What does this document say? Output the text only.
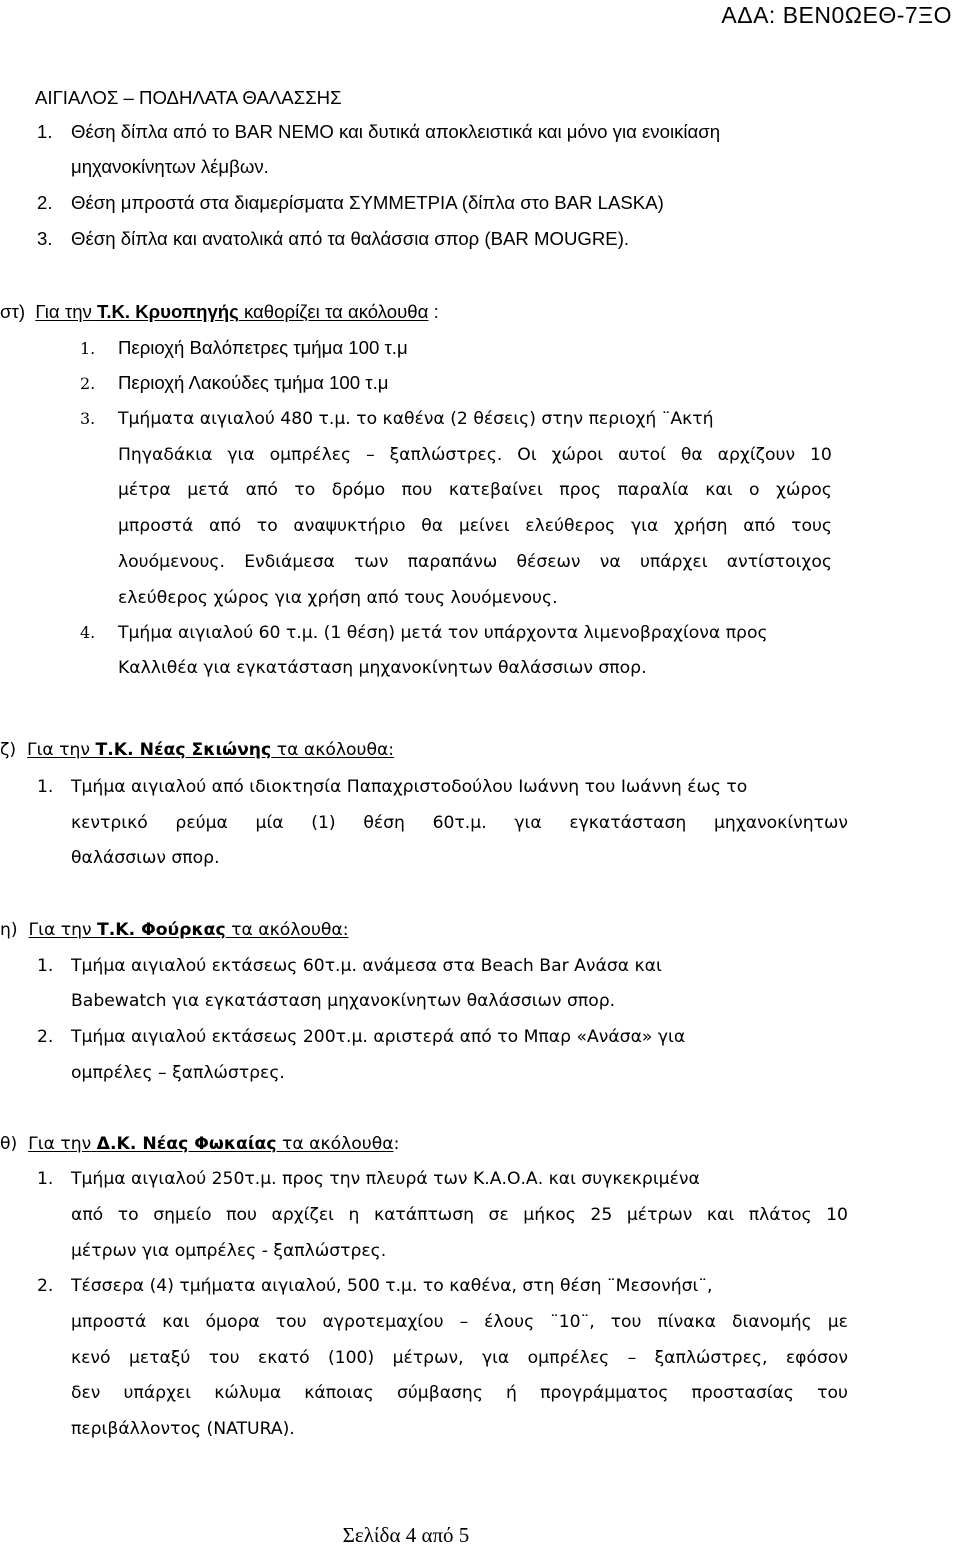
ΑΔΑ: ΒΕΝ0ΩΕΘ-7ΞΟ
ΑΙΓΙΑΛΟΣ – ΠΟΔΗΛΑΤΑ ΘΑΛΑΣΣΗΣ
1. Θέση δίπλα από το BAR NEMO και δυτικά αποκλειστικά και μόνο για ενοικίαση
μηχανοκίνητων λέμβων.
2. Θέση μπροστά στα διαμερίσματα ΣΥΜΜΕΤΡΙΑ (δίπλα στο BAR LASKA)
3. Θέση δίπλα και ανατολικά από τα θαλάσσια σπορ (BAR MOUGRE).
στ) Για την Τ.Κ. Κρυοπηγής καθορίζει τα ακόλουθα :
1. Περιοχή Βαλόπετρες τμήμα 100 τ.μ
2. Περιοχή Λακούδες τμήμα 100 τ.μ
3. Τμήματα αιγιαλού 480 τ.μ. το καθένα (2 θέσεις) στην περιοχή ¨Ακτή
Πηγαδάκια για ομπρέλες – ξαπλώστρες. Οι χώροι αυτοί θα αρχίζουν 10
μέτρα μετά από το δρόμο που κατεβαίνει προς παραλία και ο χώρος
μπροστά από το αναψυκτήριο θα μείνει ελεύθερος για χρήση από τους
λουόμενους. Ενδιάμεσα των παραπάνω θέσεων να υπάρχει αντίστοιχος
ελεύθερος χώρος για χρήση από τους λουόμενους.
4. Τμήμα αιγιαλού 60 τ.μ. (1 θέση) μετά τον υπάρχοντα λιμενοβραχίονα προς
Καλλιθέα για εγκατάσταση μηχανοκίνητων θαλάσσιων σπορ.
ζ) Για την Τ.Κ. Νέας Σκιώνης τα ακόλουθα:
1. Τμήμα αιγιαλού από ιδιοκτησία Παπαχριστοδούλου Ιωάννη του Ιωάννη έως το
κεντρικό ρεύμα μία (1) θέση 60τ.μ. για εγκατάσταση μηχανοκίνητων
θαλάσσιων σπορ.
η) Για την Τ.Κ. Φούρκας τα ακόλουθα:
1. Τμήμα αιγιαλού εκτάσεως 60τ.μ. ανάμεσα στα Beach Bar Ανάσα και
Babewatch για εγκατάσταση μηχανοκίνητων θαλάσσιων σπορ.
2. Τμήμα αιγιαλού εκτάσεως 200τ.μ. αριστερά από το Μπαρ «Ανάσα» για
ομπρέλες – ξαπλώστρες.
θ) Για την Δ.Κ. Νέας Φωκαίας τα ακόλουθα:
1. Τμήμα αιγιαλού 250τ.μ. προς την πλευρά των Κ.Α.Ο.Α. και συγκεκριμένα
από το σημείο που αρχίζει η κατάπτωση σε μήκος 25 μέτρων και πλάτος 10
μέτρων για ομπρέλες - ξαπλώστρες.
2. Τέσσερα (4) τμήματα αιγιαλού, 500 τ.μ. το καθένα, στη θέση ¨Μεσονήσι¨,
μπροστά και όμορα του αγροτεμαχίου – έλους ¨10¨, του πίνακα διανομής με
κενό μεταξύ του εκατό (100) μέτρων, για ομπρέλες – ξαπλώστρες, εφόσον
δεν υπάρχει κώλυμα κάποιας σύμβασης ή προγράμματος προστασίας του
περιβάλλοντος (NATURA).
Σελίδα 4 από 5
